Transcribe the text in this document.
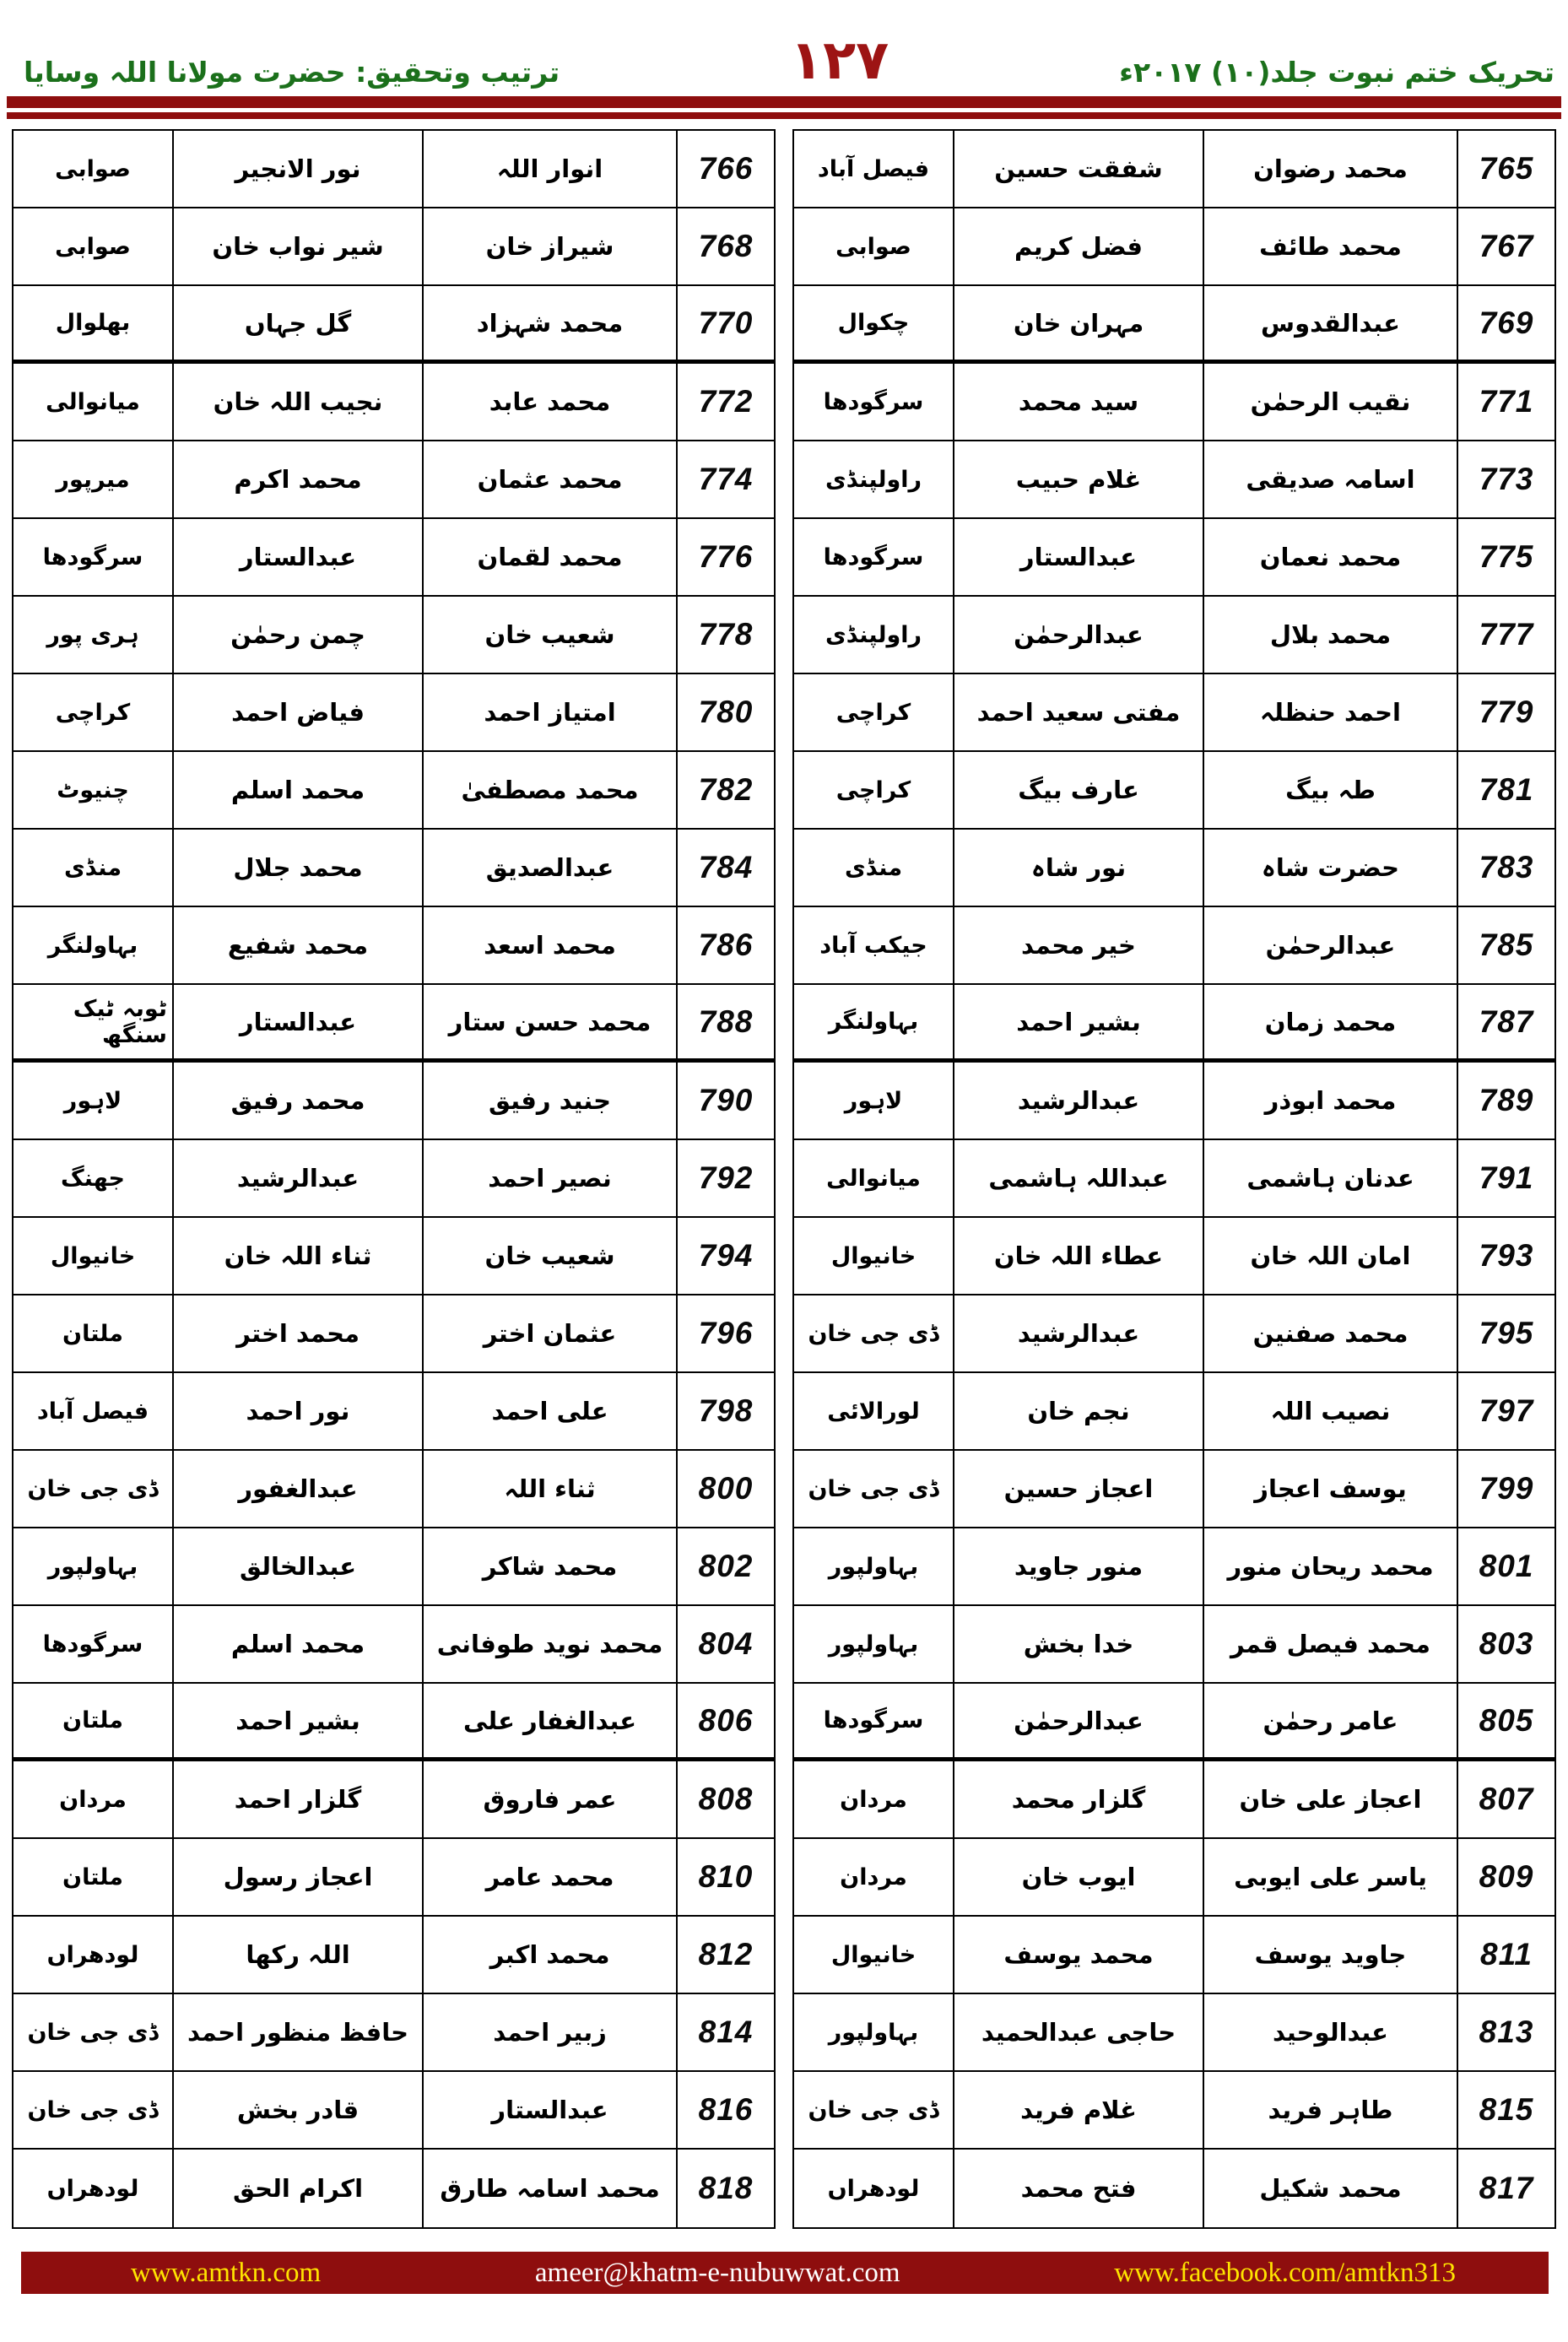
ترتیب وتحقیق: حضرت مولانا اللہ وسایا	۱۲۷	تحریک ختم نبوت جلد(۱۰) ۲۰۱۷ء
765
محمد رضوان
شفقت حسین
فیصل آباد
767
محمد طائف
فضل کریم
صوابی
769
عبدالقدوس
مہران خان
چکوال
771
نقیب الرحمٰن
سید محمد
سرگودھا
773
اسامہ صدیقی
غلام حبیب
راولپنڈی
775
محمد نعمان
عبدالستار
سرگودھا
777
محمد بلال
عبدالرحمٰن
راولپنڈی
779
احمد حنظلہ
مفتی سعید احمد
کراچی
781
طہ بیگ
عارف بیگ
کراچی
783
حضرت شاہ
نور شاہ
منڈی
785
عبدالرحمٰن
خیر محمد
جیکب آباد
787
محمد زمان
بشیر احمد
بہاولنگر
789
محمد ابوذر
عبدالرشید
لاہور
791
عدنان ہاشمی
عبداللہ ہاشمی
میانوالی
793
امان اللہ خان
عطاء اللہ خان
خانیوال
795
محمد صفنین
عبدالرشید
ڈی جی خان
797
نصیب اللہ
نجم خان
لورالائی
799
یوسف اعجاز
اعجاز حسین
ڈی جی خان
801
محمد ریحان منور
منور جاوید
بہاولپور
803
محمد فیصل قمر
خدا بخش
بہاولپور
805
عامر رحمٰن
عبدالرحمٰن
سرگودھا
807
اعجاز علی خان
گلزار محمد
مردان
809
یاسر علی ایوبی
ایوب خان
مردان
811
جاوید یوسف
محمد یوسف
خانیوال
813
عبدالوحید
حاجی عبدالحمید
بہاولپور
815
طاہر فرید
غلام فرید
ڈی جی خان
817
محمد شکیل
فتح محمد
لودھراں
766
انوار اللہ
نور الانجیر
صوابی
768
شیراز خان
شیر نواب خان
صوابی
770
محمد شہزاد
گل جہاں
بھلوال
772
محمد عابد
نجیب اللہ خان
میانوالی
774
محمد عثمان
محمد اکرم
میرپور
776
محمد لقمان
عبدالستار
سرگودھا
778
شعیب خان
چمن رحمٰن
ہری پور
780
امتیاز احمد
فیاض احمد
کراچی
782
محمد مصطفیٰ
محمد اسلم
چنیوٹ
784
عبدالصدیق
محمد جلال
منڈی
786
محمد اسعد
محمد شفیع
بہاولنگر
788
محمد حسن ستار
عبدالستار
ٹوبہ ٹیک سنگھ
790
جنید رفیق
محمد رفیق
لاہور
792
نصیر احمد
عبدالرشید
جھنگ
794
شعیب خان
ثناء اللہ خان
خانیوال
796
عثمان اختر
محمد اختر
ملتان
798
علی احمد
نور احمد
فیصل آباد
800
ثناء اللہ
عبدالغفور
ڈی جی خان
802
محمد شاکر
عبدالخالق
بہاولپور
804
محمد نوید طوفانی
محمد اسلم
سرگودھا
806
عبدالغفار علی
بشیر احمد
ملتان
808
عمر فاروق
گلزار احمد
مردان
810
محمد عامر
اعجاز رسول
ملتان
812
محمد اکبر
اللہ رکھا
لودھراں
814
زبیر احمد
حافظ منظور احمد
ڈی جی خان
816
عبدالستار
قادر بخش
ڈی جی خان
818
محمد اسامہ طارق
اکرام الحق
لودھراں
www.amtkn.com	ameer@khatm-e-nubuwwat.com	www.facebook.com/amtkn313
